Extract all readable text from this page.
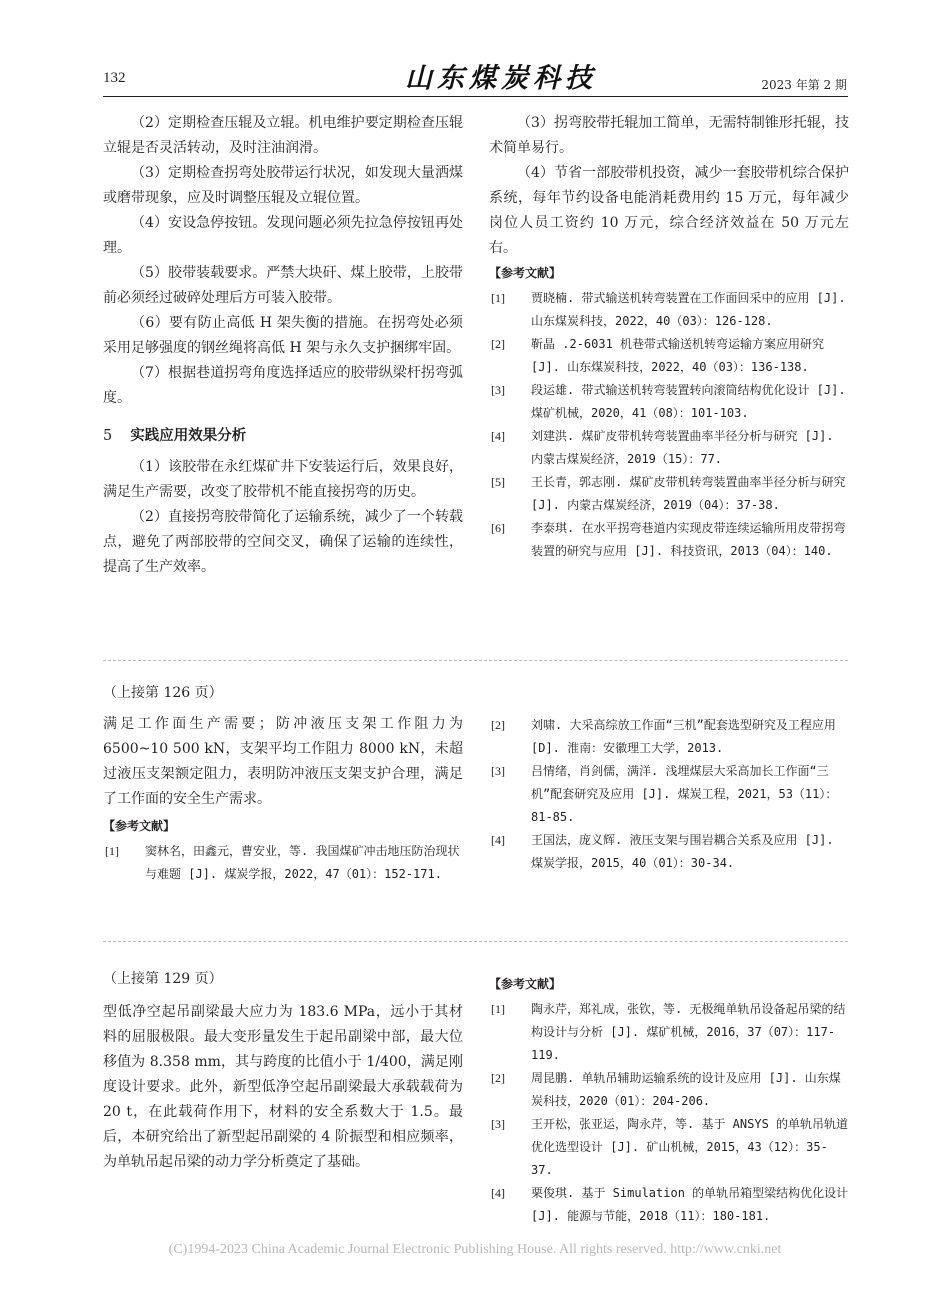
132	山东煤炭科技	2023 年第 2 期

（2）定期检查压辊及立辊。机电维护要定期检查压辊立辊是否灵活转动，及时注油润滑。

（3）定期检查拐弯处胶带运行状况，如发现大量洒煤或磨带现象，应及时调整压辊及立辊位置。

（4）安设急停按钮。发现问题必须先拉急停按钮再处理。

（5）胶带装载要求。严禁大块矸、煤上胶带，上胶带前必须经过破碎处理后方可装入胶带。

（6）要有防止高低 H 架失衡的措施。在拐弯处必须采用足够强度的钢丝绳将高低 H 架与永久支护捆绑牢固。

（7）根据巷道拐弯角度选择适应的胶带纵梁杆拐弯弧度。

5 实践应用效果分析

（1）该胶带在永红煤矿井下安装运行后，效果良好，满足生产需要，改变了胶带机不能直接拐弯的历史。

（2）直接拐弯胶带简化了运输系统，减少了一个转载点，避免了两部胶带的空间交叉，确保了运输的连续性，提高了生产效率。

（3）拐弯胶带托辊加工简单，无需特制锥形托辊，技术简单易行。

（4）节省一部胶带机投资，减少一套胶带机综合保护系统，每年节约设备电能消耗费用约 15 万元，每年减少岗位人员工资约 10 万元，综合经济效益在 50 万元左右。

【参考文献】
[1] 贾晓楠. 带式输送机转弯装置在工作面回采中的应用 [J]. 山东煤炭科技，2022，40（03）：126-128.
[2] 靳晶 .2-6031 机巷带式输送机转弯运输方案应用研究 [J]. 山东煤炭科技，2022，40（03）：136-138.
[3] 段运雄. 带式输送机转弯装置转向滚筒结构优化设计 [J]. 煤矿机械，2020，41（08）：101-103.
[4] 刘建洪. 煤矿皮带机转弯装置曲率半径分析与研究 [J]. 内蒙古煤炭经济，2019（15）：77.
[5] 王长青，郭志刚. 煤矿皮带机转弯装置曲率半径分析与研究 [J]. 内蒙古煤炭经济，2019（04）：37-38.
[6] 李泰琪. 在水平拐弯巷道内实现皮带连续运输所用皮带拐弯装置的研究与应用 [J]. 科技资讯，2013（04）：140.

（上接第 126 页）

满足工作面生产需要；防冲液压支架工作阻力为 6500~10 500 kN，支架平均工作阻力 8000 kN，未超过液压支架额定阻力，表明防冲液压支架支护合理，满足了工作面的安全生产需求。

【参考文献】
[1] 窦林名，田鑫元，曹安业，等. 我国煤矿冲击地压防治现状与难题 [J]. 煤炭学报，2022，47（01）：152-171.
[2] 刘啸. 大采高综放工作面“三机”配套选型研究及工程应用 [D]. 淮南：安徽理工大学，2013.
[3] 吕情绪，肖剑儒，满洋. 浅埋煤层大采高加长工作面“三机”配套研究及应用 [J]. 煤炭工程，2021，53（11）：81-85.
[4] 王国法，庞义辉. 液压支架与围岩耦合关系及应用 [J]. 煤炭学报，2015，40（01）：30-34.

（上接第 129 页）

型低净空起吊副梁最大应力为 183.6 MPa，远小于其材料的屈服极限。最大变形量发生于起吊副梁中部，最大位移值为 8.358 mm，其与跨度的比值小于 1/400，满足刚度设计要求。此外，新型低净空起吊副梁最大承载载荷为 20 t，在此载荷作用下，材料的安全系数大于 1.5。最后，本研究给出了新型起吊副梁的 4 阶振型和相应频率，为单轨吊起吊梁的动力学分析奠定了基础。

【参考文献】
[1] 陶永芹，郑礼成，张钦，等. 无极绳单轨吊设备起吊梁的结构设计与分析 [J]. 煤矿机械，2016，37（07）：117-119.
[2] 周昆鹏. 单轨吊辅助运输系统的设计及应用 [J]. 山东煤炭科技，2020（01）：204-206.
[3] 王开松，张亚运，陶永芹，等. 基于 ANSYS 的单轨吊轨道优化选型设计 [J]. 矿山机械，2015，43（12）：35-37.
[4] 栗俊琪. 基于 Simulation 的单轨吊箱型梁结构优化设计 [J]. 能源与节能，2018（11）：180-181.
(C)1994-2023 China Academic Journal Electronic Publishing House. All rights reserved. http://www.cnki.net
